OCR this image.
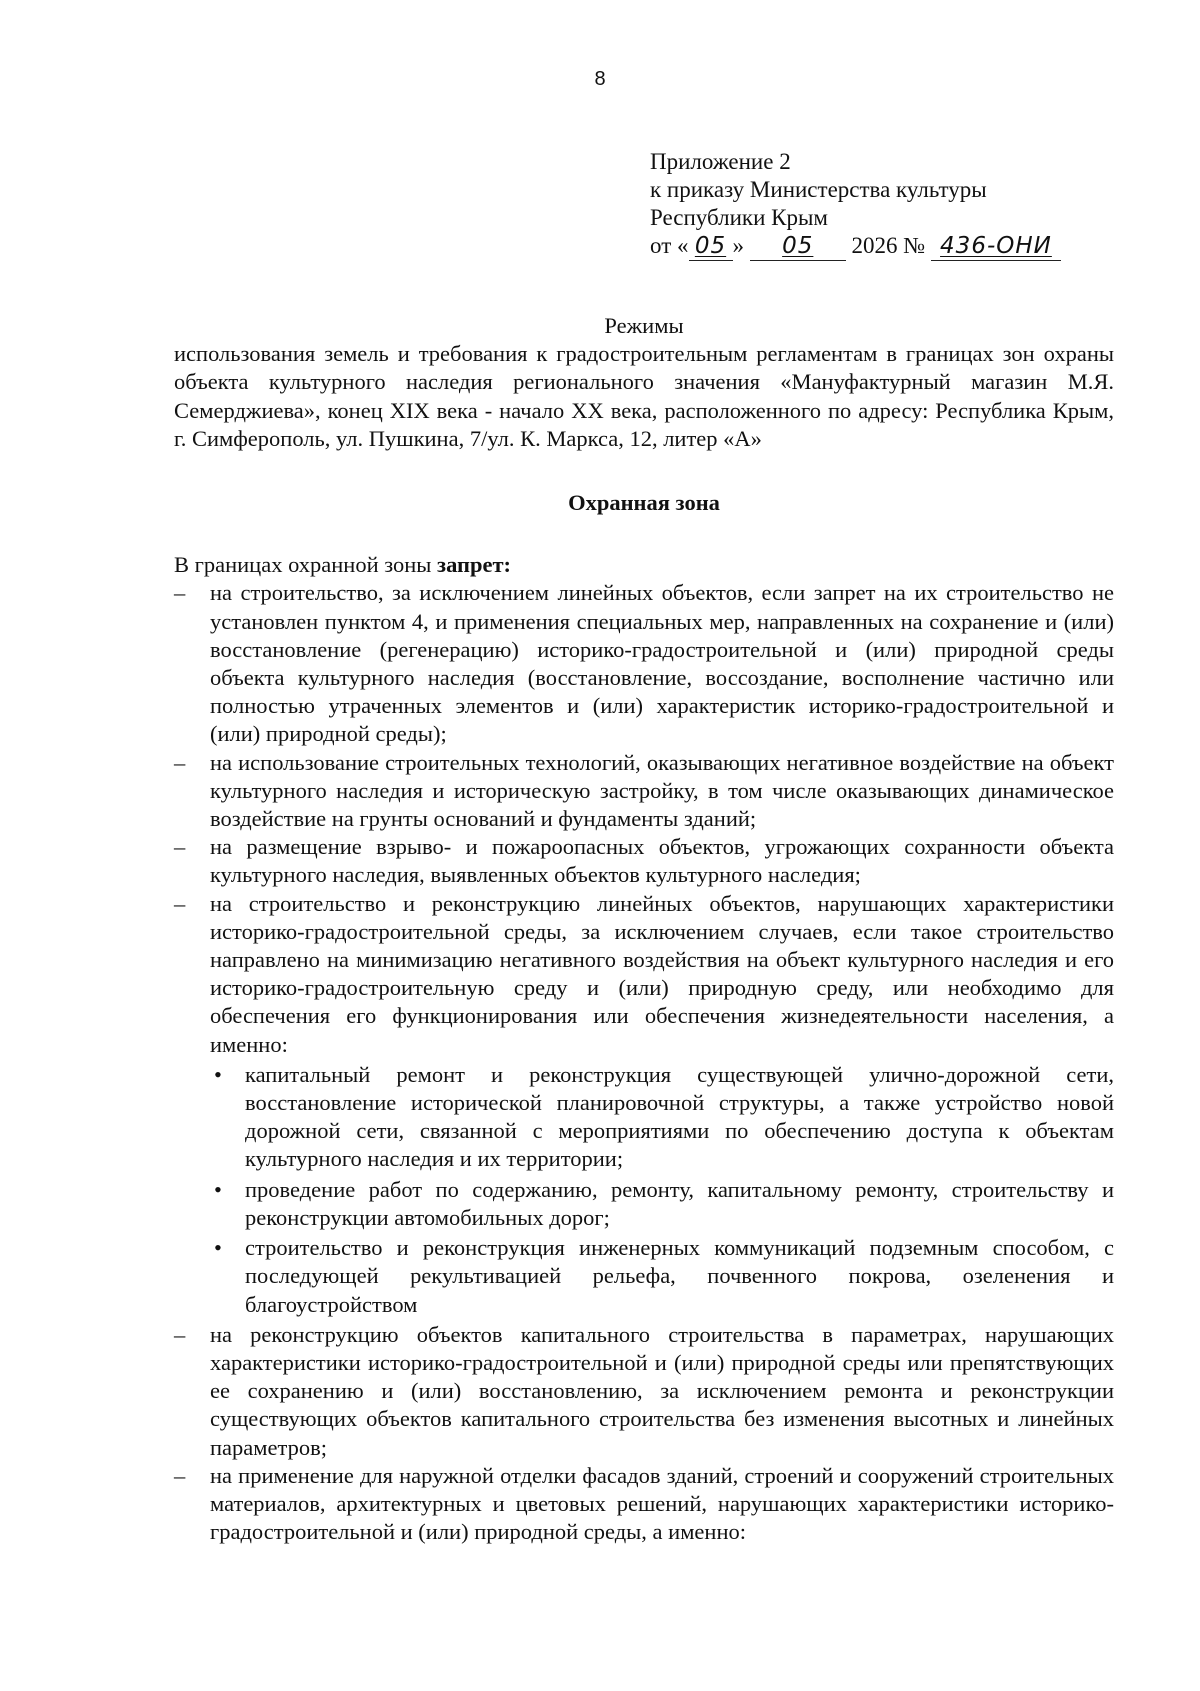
8
Приложение 2
к приказу Министерства культуры
Республики Крым
от « 05 » 05 2026 № 436-ОНИ

Режимы

использования земель и требования к градостроительным регламентам в границах зон охраны объекта культурного наследия регионального значения «Мануфактурный магазин М.Я. Семерджиева», конец XIX века - начало XX века, расположенного по адресу: Республика Крым, г. Симферополь, ул. Пушкина, 7/ул. К. Маркса, 12, литер «А»

Охранная зона

В границах охранной зоны запрет:

– на строительство, за исключением линейных объектов, если запрет на их строительство не установлен пунктом 4, и применения специальных мер, направленных на сохранение и (или) восстановление (регенерацию) историко-градостроительной и (или) природной среды объекта культурного наследия (восстановление, воссоздание, восполнение частично или полностью утраченных элементов и (или) характеристик историко-градостроительной и (или) природной среды);
– на использование строительных технологий, оказывающих негативное воздействие на объект культурного наследия и историческую застройку, в том числе оказывающих динамическое воздействие на грунты оснований и фундаменты зданий;
– на размещение взрыво- и пожароопасных объектов, угрожающих сохранности объекта культурного наследия, выявленных объектов культурного наследия;
– на строительство и реконструкцию линейных объектов, нарушающих характеристики историко-градостроительной среды, за исключением случаев, если такое строительство направлено на минимизацию негативного воздействия на объект культурного наследия и его историко-градостроительную среду и (или) природную среду, или необходимо для обеспечения его функционирования или обеспечения жизнедеятельности населения, а именно:
• капитальный ремонт и реконструкция существующей улично-дорожной сети, восстановление исторической планировочной структуры, а также устройство новой дорожной сети, связанной с мероприятиями по обеспечению доступа к объектам культурного наследия и их территории;
• проведение работ по содержанию, ремонту, капитальному ремонту, строительству и реконструкции автомобильных дорог;
• строительство и реконструкция инженерных коммуникаций подземным способом, с последующей рекультивацией рельефа, почвенного покрова, озеленения и благоустройством
– на реконструкцию объектов капитального строительства в параметрах, нарушающих характеристики историко-градостроительной и (или) природной среды или препятствующих ее сохранению и (или) восстановлению, за исключением ремонта и реконструкции существующих объектов капитального строительства без изменения высотных и линейных параметров;
– на применение для наружной отделки фасадов зданий, строений и сооружений строительных материалов, архитектурных и цветовых решений, нарушающих характеристики историко-градостроительной и (или) природной среды, а именно:
